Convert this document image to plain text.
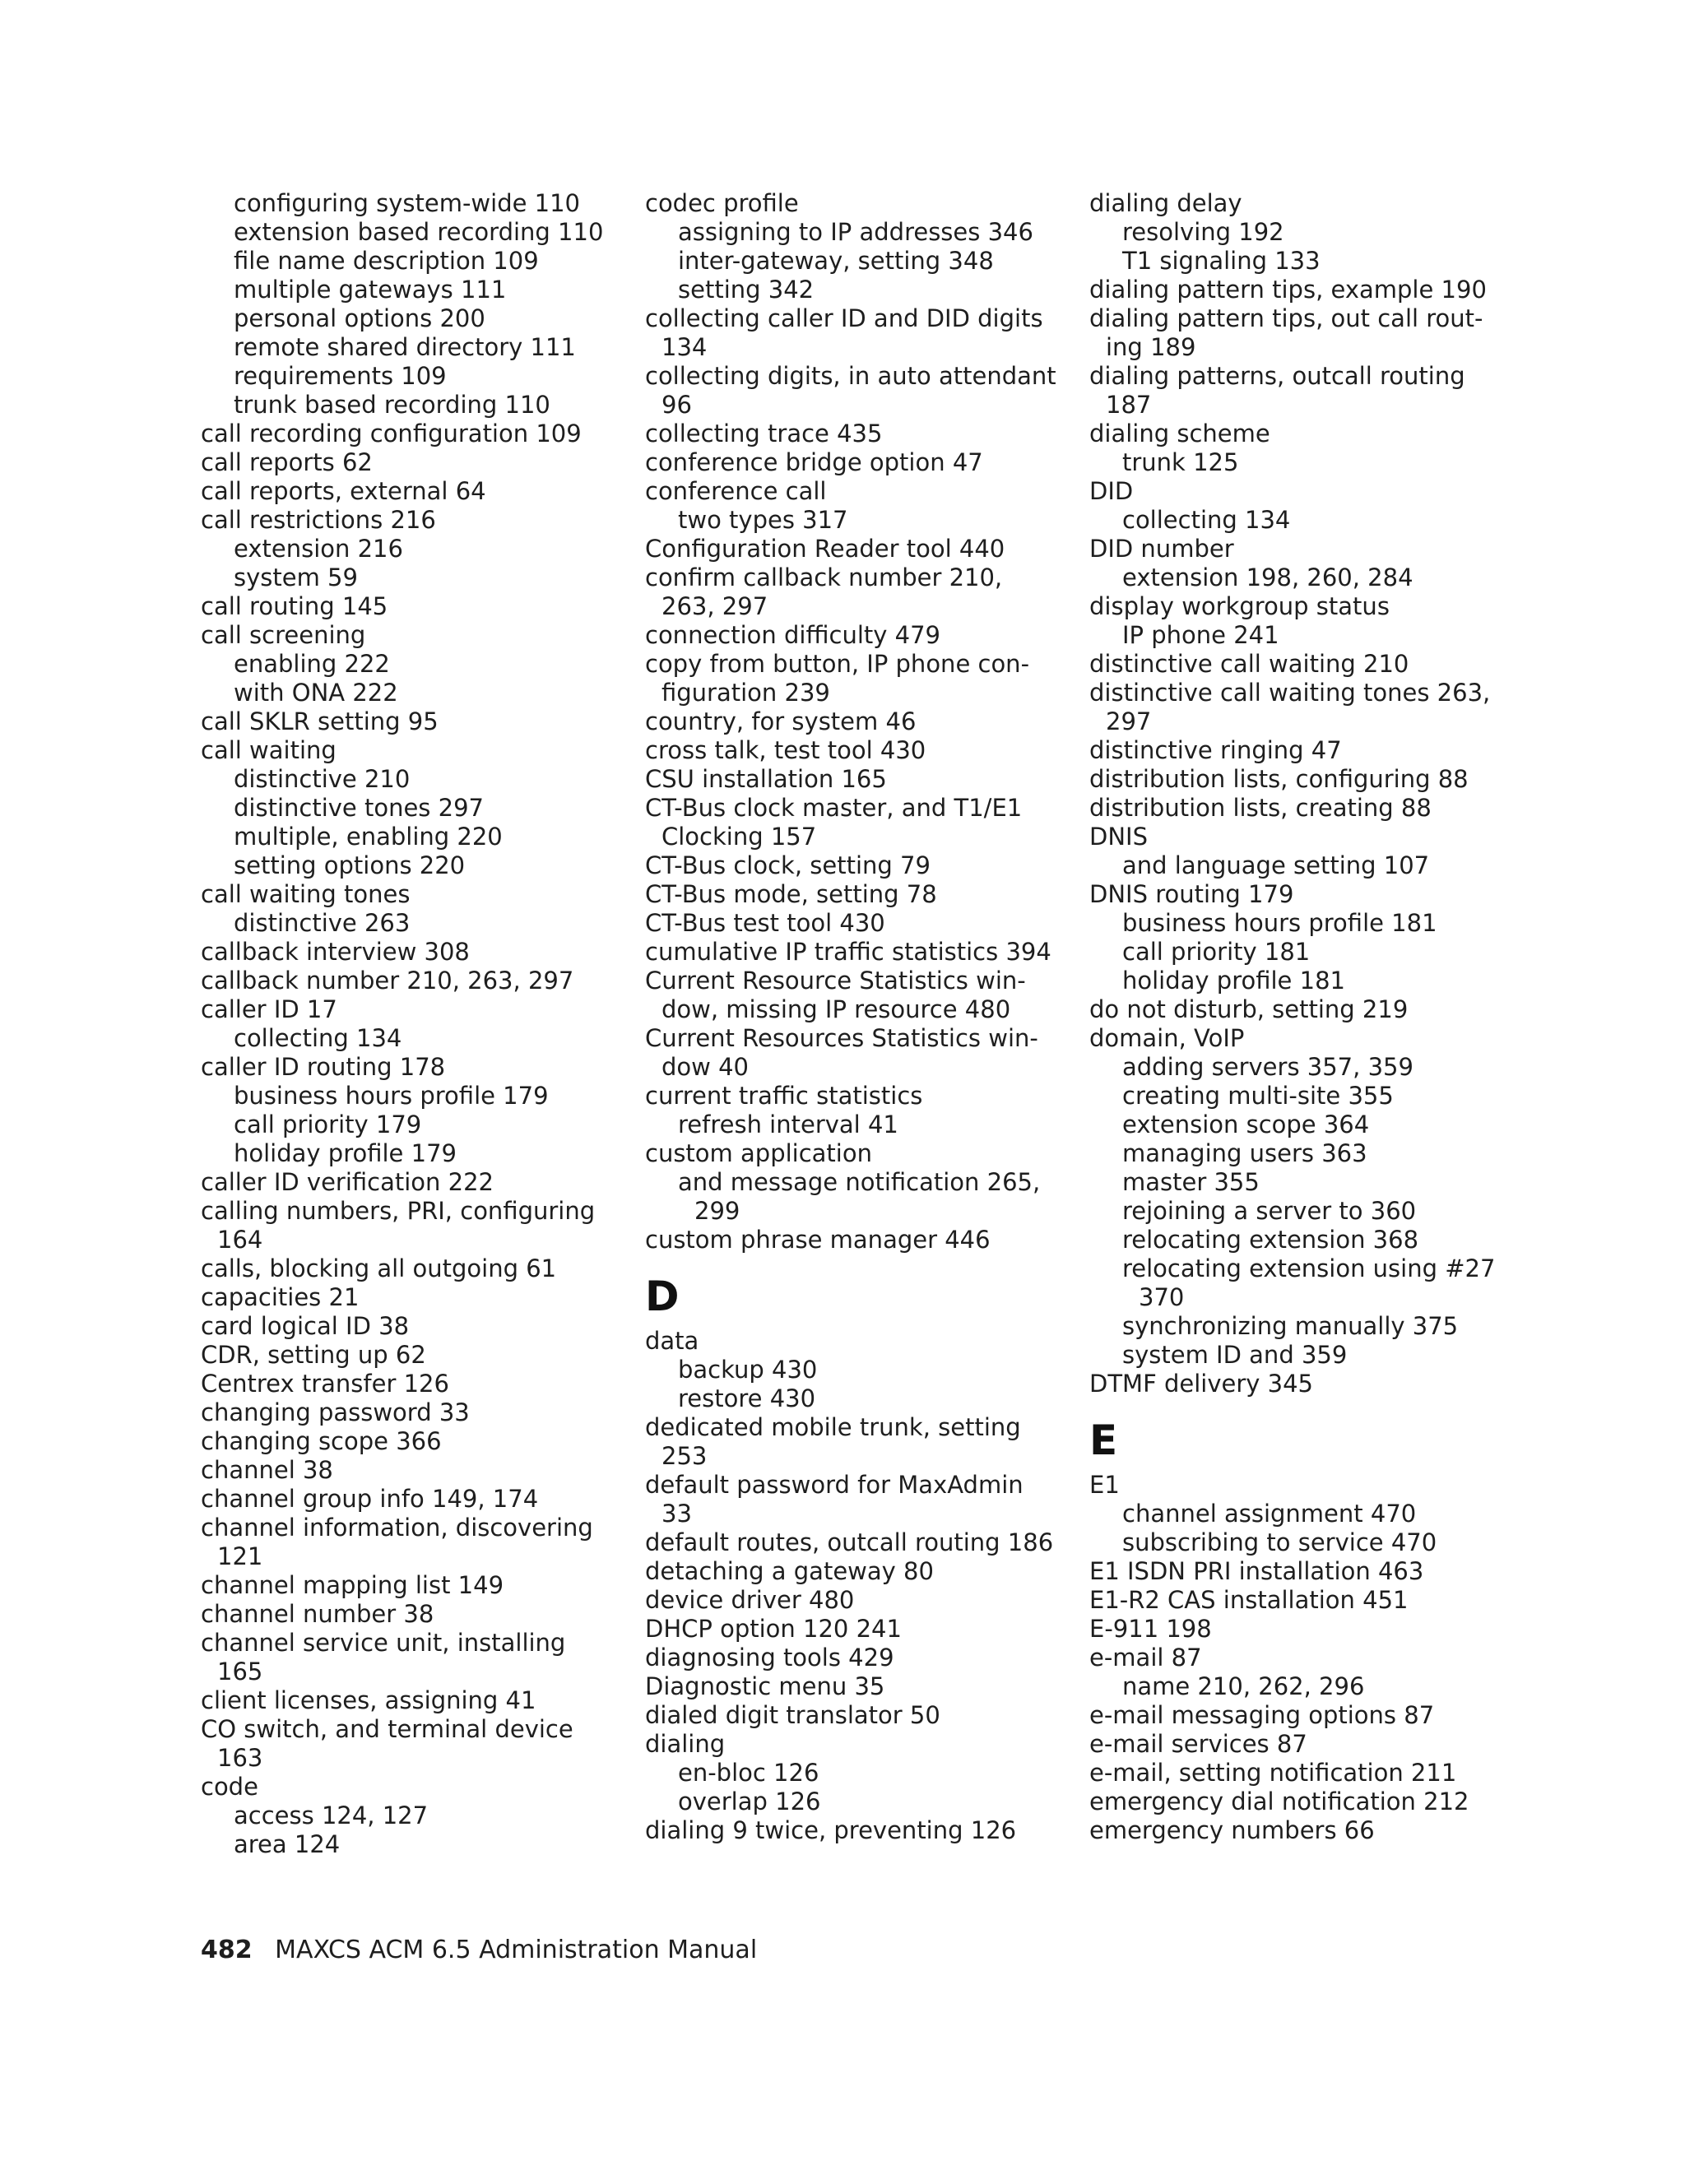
configuring system-wide 110
extension based recording 110
file name description 109
multiple gateways 111
personal options 200
remote shared directory 111
requirements 109
trunk based recording 110
call recording configuration 109
call reports 62
call reports, external 64
call restrictions 216
extension 216
system 59
call routing 145
call screening
enabling 222
with ONA 222
call SKLR setting 95
call waiting
distinctive 210
distinctive tones 297
multiple, enabling 220
setting options 220
call waiting tones
distinctive 263
callback interview 308
callback number 210, 263, 297
caller ID 17
collecting 134
caller ID routing 178
business hours profile 179
call priority 179
holiday profile 179
caller ID verification 222
calling numbers, PRI, configuring
164
calls, blocking all outgoing 61
capacities 21
card logical ID 38
CDR, setting up 62
Centrex transfer 126
changing password 33
changing scope 366
channel 38
channel group info 149, 174
channel information, discovering
121
channel mapping list 149
channel number 38
channel service unit, installing
165
client licenses, assigning 41
CO switch, and terminal device
163
code
access 124, 127
area 124
codec profile
assigning to IP addresses 346
inter-gateway, setting 348
setting 342
collecting caller ID and DID digits
134
collecting digits, in auto attendant
96
collecting trace 435
conference bridge option 47
conference call
two types 317
Configuration Reader tool 440
confirm callback number 210,
263, 297
connection difficulty 479
copy from button, IP phone con-
figuration 239
country, for system 46
cross talk, test tool 430
CSU installation 165
CT-Bus clock master, and T1/E1
Clocking 157
CT-Bus clock, setting 79
CT-Bus mode, setting 78
CT-Bus test tool 430
cumulative IP traffic statistics 394
Current Resource Statistics win-
dow, missing IP resource 480
Current Resources Statistics win-
dow 40
current traffic statistics
refresh interval 41
custom application
and message notification 265,
299
custom phrase manager 446
D
data
backup 430
restore 430
dedicated mobile trunk, setting
253
default password for MaxAdmin
33
default routes, outcall routing 186
detaching a gateway 80
device driver 480
DHCP option 120 241
diagnosing tools 429
Diagnostic menu 35
dialed digit translator 50
dialing
en-bloc 126
overlap 126
dialing 9 twice, preventing 126
dialing delay
resolving 192
T1 signaling 133
dialing pattern tips, example 190
dialing pattern tips, out call rout-
ing 189
dialing patterns, outcall routing
187
dialing scheme
trunk 125
DID
collecting 134
DID number
extension 198, 260, 284
display workgroup status
IP phone 241
distinctive call waiting 210
distinctive call waiting tones 263,
297
distinctive ringing 47
distribution lists, configuring 88
distribution lists, creating 88
DNIS
and language setting 107
DNIS routing 179
business hours profile 181
call priority 181
holiday profile 181
do not disturb, setting 219
domain, VoIP
adding servers 357, 359
creating multi-site 355
extension scope 364
managing users 363
master 355
rejoining a server to 360
relocating extension 368
relocating extension using #27
370
synchronizing manually 375
system ID and 359
DTMF delivery 345
E
E1
channel assignment 470
subscribing to service 470
E1 ISDN PRI installation 463
E1-R2 CAS installation 451
E-911 198
e-mail 87
name 210, 262, 296
e-mail messaging options 87
e-mail services 87
e-mail, setting notification 211
emergency dial notification 212
emergency numbers 66
482 MAXCS ACM 6.5 Administration Manual
